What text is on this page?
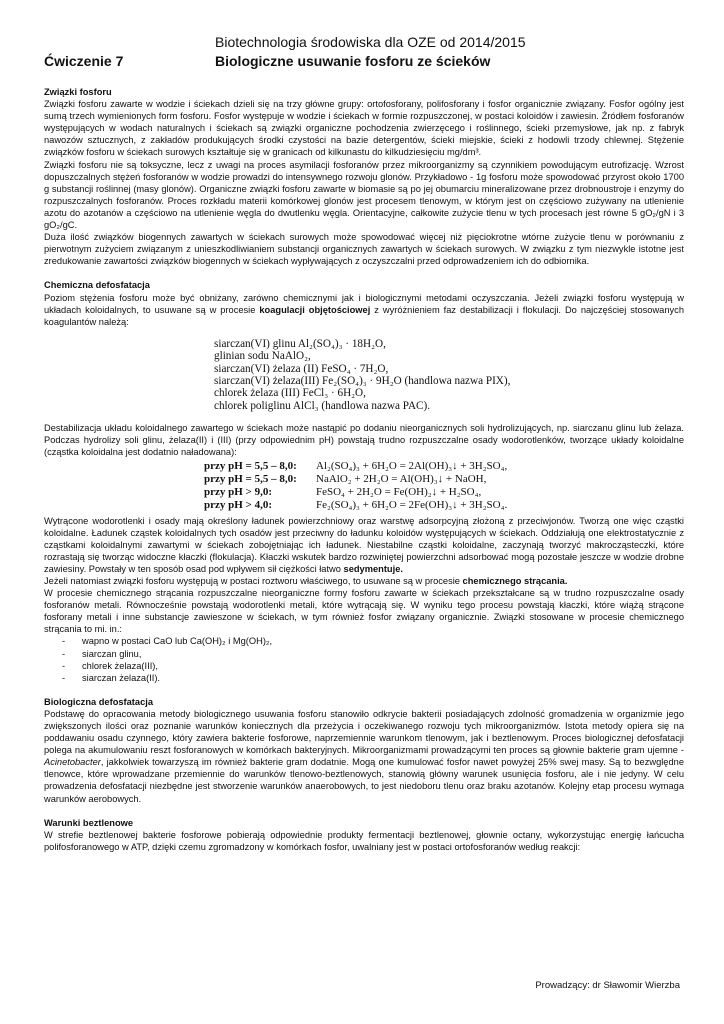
Biotechnologia środowiska dla OZE od 2014/2015
Ćwiczenie 7	Biologiczne usuwanie fosforu ze ścieków

Związki fosforu

Związki fosforu zawarte w wodzie i ściekach dzieli się na trzy główne grupy: ortofosforany, polifosforany i fosfor organicznie związany. Fosfor ogólny jest sumą trzech wymienionych form fosforu. Fosfor występuje w wodzie i ściekach w formie rozpuszczonej, w postaci koloidów i zawiesin. Źródłem fosforanów występujących w wodach naturalnych i ściekach są związki organiczne pochodzenia zwierzęcego i roślinnego, ścieki przemysłowe, jak np. z fabryk nawozów sztucznych, z zakładów produkujących środki czystości na bazie detergentów, ścieki miejskie, ścieki z hodowli trzody chlewnej. Stężenie związków fosforu w ściekach surowych kształtuje się w granicach od kilkunastu do kilkudziesięciu mg/dm³.

Związki fosforu nie są toksyczne, lecz z uwagi na proces asymilacji fosforanów przez mikroorganizmy są czynnikiem powodującym eutrofizację. Wzrost dopuszczalnych stężeń fosforanów w wodzie prowadzi do intensywnego rozwoju glonów. Przykładowo - 1g fosforu może spowodować przyrost około 1700 g substancji roślinnej (masy glonów). Organiczne związki fosforu zawarte w biomasie są po jej obumarciu mineralizowane przez drobnoustroje i enzymy do rozpuszczalnych fosforanów. Proces rozkładu materii komórkowej glonów jest procesem tlenowym, w którym jest on częściowo zużywany na utlenienie azotu do azotanów a częściowo na utlenienie węgla do dwutlenku węgla. Orientacyjne, całkowite zużycie tlenu w tych procesach jest równe 5 gO₂/gN i 3 gO₂/gC.

Duża ilość związków biogennych zawartych w ściekach surowych może spowodować więcej niż pięciokrotne wtórne zużycie tlenu w porównaniu z pierwotnym zużyciem związanym z unieszkodliwianiem substancji organicznych zawartych w ściekach surowych. W związku z tym niezwykle istotne jest zredukowanie zawartości związków biogennych w ściekach wypływających z oczyszczalni przed odprowadzeniem ich do odbiornika.

Chemiczna defosfatacja

Poziom stężenia fosforu może być obniżany, zarówno chemicznymi jak i biologicznymi metodami oczyszczania. Jeżeli związki fosforu występują w układach koloidalnych, to usuwane są w procesie koagulacji objętościowej z wyróżnieniem faz destabilizacji i flokulacji. Do najczęściej stosowanych koagulantów należą:

siarczan(VI) glinu Al₂(SO₄)₃ · 18H₂O,
glinian sodu NaAlO₂,
siarczan(VI) żelaza (II) FeSO₄ · 7H₂O,
siarczan(VI) żelaza(III) Fe₂(SO₄)₃ · 9H₂O (handlowa nazwa PIX),
chlorek żelaza (III) FeCl₃ · 6H₂O,
chlorek poliglinu AlCl₃ (handlowa nazwa PAC).

Destabilizacja układu koloidalnego zawartego w ściekach może nastąpić po dodaniu nieorganicznych soli hydrolizujących, np. siarczanu glinu lub żelaza. Podczas hydrolizy soli glinu, żelaza(II) i (III) (przy odpowiednim pH) powstają trudno rozpuszczalne osady wodorotlenków, tworzące układy koloidalne (cząstka koloidalna jest dodatnio naładowana):

przy pH = 5,5 – 8,0:	Al₂(SO₄)₃ + 6H₂O = 2Al(OH)₃↓ + 3H₂SO₄,
przy pH = 5,5 – 8,0:	NaAlO₂ + 2H₂O = Al(OH)₃↓ + NaOH,
przy pH > 9,0:	FeSO₄ + 2H₂O = Fe(OH)₂↓ + H₂SO₄,
przy pH > 4,0:	Fe₂(SO₄)₃ + 6H₂O = 2Fe(OH)₃↓ + 3H₂SO₄.

Wytrącone wodorotlenki i osady mają określony ładunek powierzchniowy oraz warstwę adsorpcyjną złożoną z przeciwjonów. Tworzą one więc cząstki koloidalne. Ładunek cząstek koloidalnych tych osadów jest przeciwny do ładunku koloidów występujących w ściekach. Oddziałują one elektrostatycznie z cząstkami koloidalnymi zawartymi w ściekach zobojętniając ich ładunek. Niestabilne cząstki koloidalne, zaczynają tworzyć makrocząsteczki, które rozrastają się tworząc widoczne kłaczki (flokulacja). Kłaczki wskutek bardzo rozwiniętej powierzchni adsorbować mogą pozostałe jeszcze w wodzie drobne zawiesiny. Powstały w ten sposób osad pod wpływem sił ciężkości łatwo sedymentuje.

Jeżeli natomiast związki fosforu występują w postaci roztworu właściwego, to usuwane są w procesie chemicznego strącania.

W procesie chemicznego strącania rozpuszczalne nieorganiczne formy fosforu zawarte w ściekach przekształcane są w trudno rozpuszczalne osady fosforanów metali. Równocześnie powstają wodorotlenki metali, które wytrącają się. W wyniku tego procesu powstają kłaczki, które wiążą strącone fosforany metali i inne substancje zawieszone w ściekach, w tym również fosfor związany organicznie. Związki stosowane w procesie chemicznego strącania to mi. in.:

- wapno w postaci CaO lub Ca(OH)₂ i Mg(OH)₂,
- siarczan glinu,
- chlorek żelaza(III),
- siarczan żelaza(II).

Biologiczna defosfatacja

Podstawę do opracowania metody biologicznego usuwania fosforu stanowiło odkrycie bakterii posiadających zdolność gromadzenia w organizmie jego zwiększonych ilości oraz poznanie warunków koniecznych dla przeżycia i oczekiwanego rozwoju tych mikroorganizmów. Istota metody opiera się na poddawaniu osadu czynnego, który zawiera bakterie fosforowe, naprzemiennie warunkom tlenowym, jak i beztlenowym. Proces biologicznej defosfatacji polega na akumulowaniu reszt fosforanowych w komórkach bakteryjnych. Mikroorganizmami prowadzącymi ten proces są głownie bakterie gram ujemne - Acinetobacter, jakkolwiek towarzyszą im również bakterie gram dodatnie. Mogą one kumulować fosfor nawet powyżej 25% swej masy. Są to bezwględne tlenowce, które wprowadzane przemiennie do warunków tlenowo-beztlenowych, stanowią główny warunek usunięcia fosforu, ale i nie jedyny. W celu prowadzenia defosfatacji niezbędne jest stworzenie warunków anaerobowych, to jest niedoboru tlenu oraz braku azotanów. Kolejny etap procesu wymaga warunków aerobowych.

Warunki beztlenowe

W strefie beztlenowej bakterie fosforowe pobierają odpowiednie produkty fermentacji beztlenowej, głownie octany, wykorzystując energię łańcucha polifosforanowego w ATP, dzięki czemu zgromadzony w komórkach fosfor, uwalniany jest w postaci ortofosforanów według reakcji:

Prowadzący: dr Sławomir Wierzba
